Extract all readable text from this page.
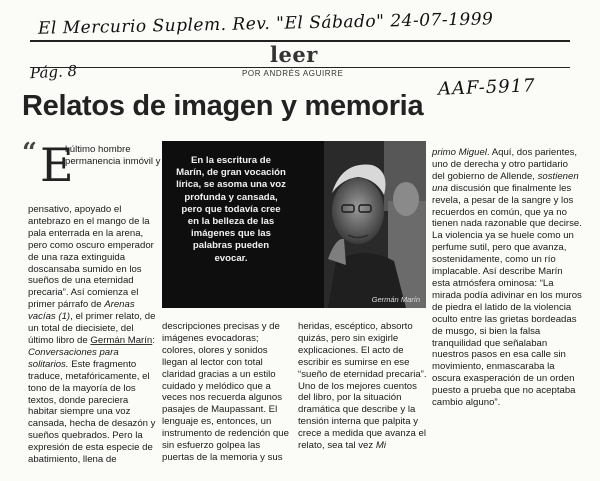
El Mercurio Suplem. Rev. "El Sábado" 24-07-1999
Pág. 8
AAF-5917
leer
POR ANDRÉS AGUIRRE
Relatos de imagen y memoria
“ E
l último hombre permanencia inmóvil y
pensativo, apoyado el antebrazo en el mango de la pala enterrada en la arena, pero como oscuro emperador de una raza extinguida doscansaba sumido en los sueños de una eternidad precaria”. Así comienza el primer párrafo de Arenas vacías (1), el primer relato, de un total de diecisiete, del último libro de Germán Marín: Conversaciones para solitarios. Este fragmento traduce, metafóricamente, el tono de la mayoría de los textos, donde pareciera habitar siempre una voz cansada, hecha de desazón y sueños quebrados. Pero la expresión de esta especie de abatimiento, llena de
En la escritura de Marín, de gran vocación lírica, se asoma una voz profunda y cansada, pero que todavía cree en la belleza de las imágenes que las palabras pueden evocar.
Germán Marín
descripciones precisas y de imágenes evocadoras; colores, olores y sonidos llegan al lector con total claridad gracias a un estilo cuidado y melódico que a veces nos recuerda algunos pasajes de Maupassant. El lenguaje es, entonces, un instrumento de redención que sin esfuerzo golpea las puertas de la memoria y sus
heridas, escéptico, absorto quizás, pero sin exigirle explicaciones. El acto de escribir es sumirse en ese “sueño de eternidad precaria”. Uno de los mejores cuentos del libro, por la situación dramática que describe y la tensión interna que palpita y crece a medida que avanza el relato, sea tal vez Mi
primo Miguel. Aquí, dos parientes, uno de derecha y otro partidario del gobierno de Allende, sostienen una discusión que finalmente les revela, a pesar de la sangre y los recuerdos en común, que ya no tienen nada razonable que decirse. La violencia ya se huele como un perfume sutil, pero que avanza, sostenidamente, como un río implacable. Así describe Marín esta atmósfera ominosa: “La mirada podía adivinar en los muros de piedra el latido de la violencia oculto entre las grietas bordeadas de musgo, si bien la falsa tranquilidad que señalaban nuestros pasos en esa calle sin movimiento, enmascaraba la oscura exasperación de un orden puesto a prueba que no aceptaba cambio alguno”.
